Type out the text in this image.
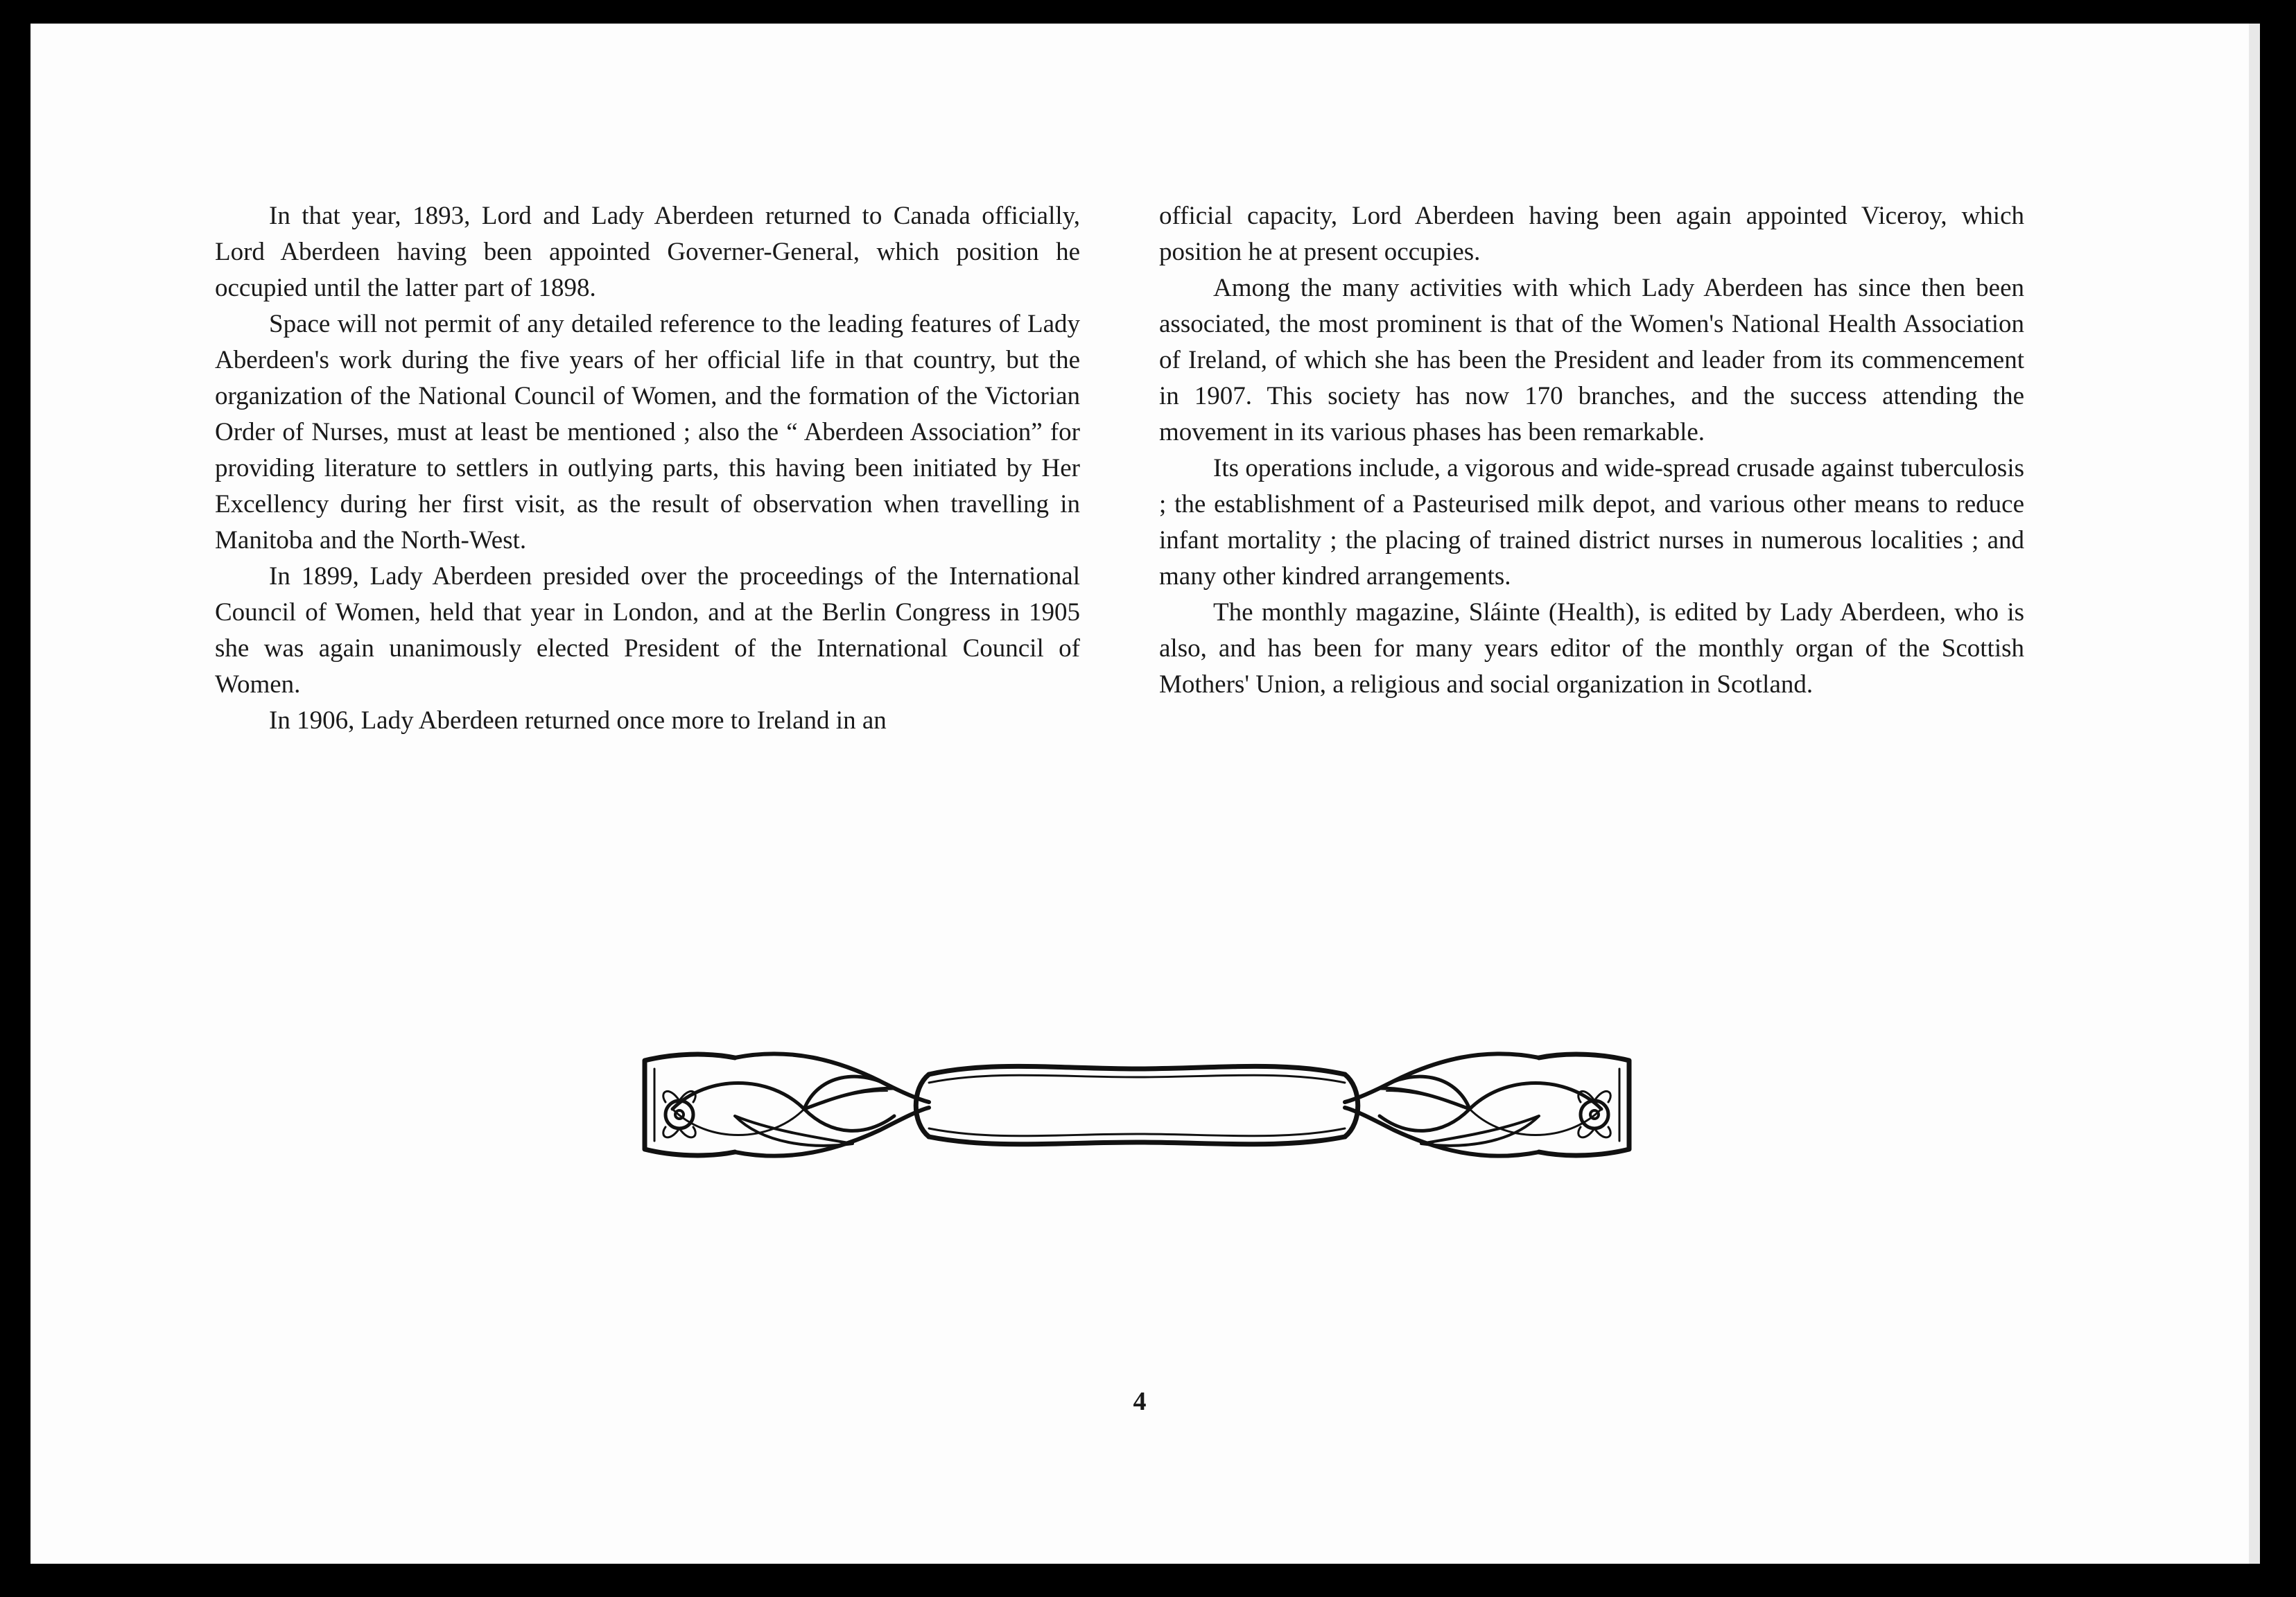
In that year, 1893, Lord and Lady Aberdeen returned to Canada officially, Lord Aberdeen having been appointed Governer-General, which position he occupied until the latter part of 1898.

Space will not permit of any detailed reference to the leading features of Lady Aberdeen's work during the five years of her official life in that country, but the organization of the National Council of Women, and the formation of the Victorian Order of Nurses, must at least be mentioned ; also the “ Aberdeen Association” for providing literature to settlers in outlying parts, this having been initiated by Her Excellency during her first visit, as the result of observation when travelling in Manitoba and the North-West.

In 1899, Lady Aberdeen presided over the proceedings of the International Council of Women, held that year in London, and at the Berlin Congress in 1905 she was again unanimously elected President of the International Council of Women.

In 1906, Lady Aberdeen returned once more to Ireland in an

official capacity, Lord Aberdeen having been again appointed Viceroy, which position he at present occupies.

Among the many activities with which Lady Aberdeen has since then been associated, the most prominent is that of the Women's National Health Association of Ireland, of which she has been the President and leader from its commencement in 1907. This society has now 170 branches, and the success attending the movement in its various phases has been remarkable.

Its operations include, a vigorous and wide-spread crusade against tuberculosis ; the establishment of a Pasteurised milk depot, and various other means to reduce infant mortality ; the placing of trained district nurses in numerous localities ; and many other kindred arrangements.

The monthly magazine, Sláinte (Health), is edited by Lady Aberdeen, who is also, and has been for many years editor of the monthly organ of the Scottish Mothers' Union, a religious and social organization in Scotland.

4
